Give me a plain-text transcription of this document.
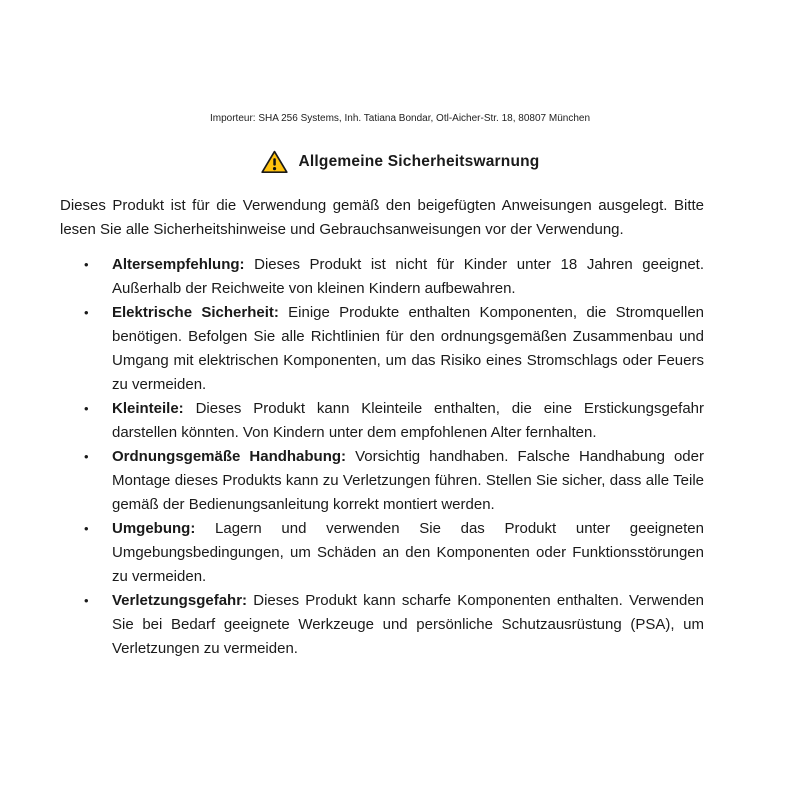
Importeur: SHA 256 Systems, Inh. Tatiana Bondar, Otl-Aicher-Str. 18, 80807 München
Allgemeine Sicherheitswarnung

Dieses Produkt ist für die Verwendung gemäß den beigefügten Anweisungen ausgelegt. Bitte lesen Sie alle Sicherheitshinweise und Gebrauchsanweisungen vor der Verwendung.

• Altersempfehlung: Dieses Produkt ist nicht für Kinder unter 18 Jahren geeignet. Außerhalb der Reichweite von kleinen Kindern aufbewahren.
• Elektrische Sicherheit: Einige Produkte enthalten Komponenten, die Stromquellen benötigen. Befolgen Sie alle Richtlinien für den ordnungsgemäßen Zusammenbau und Umgang mit elektrischen Komponenten, um das Risiko eines Stromschlags oder Feuers zu vermeiden.
• Kleinteile: Dieses Produkt kann Kleinteile enthalten, die eine Erstickungsgefahr darstellen könnten. Von Kindern unter dem empfohlenen Alter fernhalten.
• Ordnungsgemäße Handhabung: Vorsichtig handhaben. Falsche Handhabung oder Montage dieses Produkts kann zu Verletzungen führen. Stellen Sie sicher, dass alle Teile gemäß der Bedienungsanleitung korrekt montiert werden.
• Umgebung: Lagern und verwenden Sie das Produkt unter geeigneten Umgebungsbedingungen, um Schäden an den Komponenten oder Funktionsstörungen zu vermeiden.
• Verletzungsgefahr: Dieses Produkt kann scharfe Komponenten enthalten. Verwenden Sie bei Bedarf geeignete Werkzeuge und persönliche Schutzausrüstung (PSA), um Verletzungen zu vermeiden.
